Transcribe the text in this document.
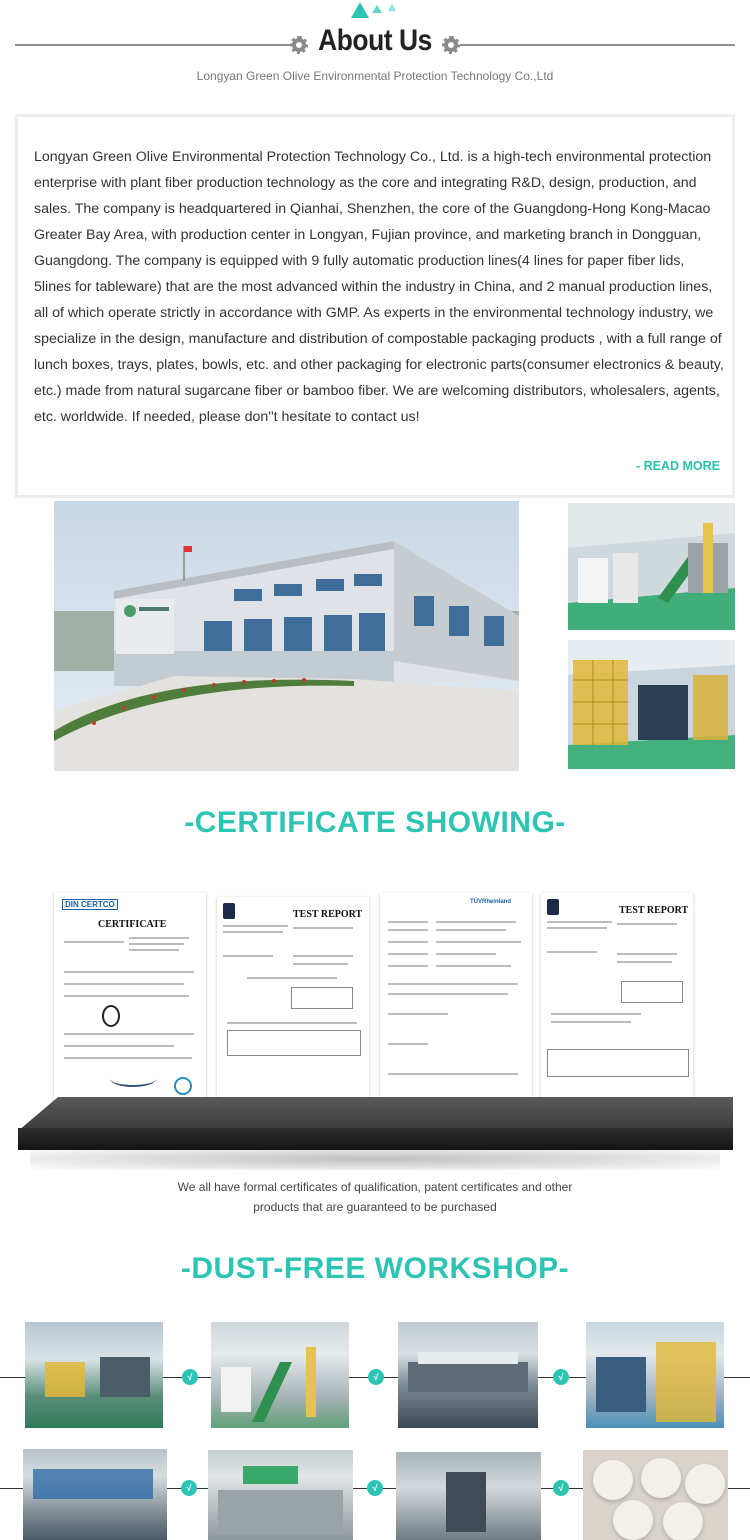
About Us
Longyan Green Olive Environmental Protection Technology Co.,Ltd
Longyan Green Olive Environmental Protection Technology Co., Ltd. is a high-tech environmental protection enterprise with plant fiber production technology as the core and integrating R&D, design, production, and sales. The company is headquartered in Qianhai, Shenzhen, the core of the Guangdong-Hong Kong-Macao Greater Bay Area, with production center in Longyan, Fujian province, and marketing branch in Dongguan, Guangdong. The company is equipped with 9 fully automatic production lines(4 lines for paper fiber lids, 5lines for tableware) that are the most advanced within the industry in China, and 2 manual production lines, all of which operate strictly in accordance with GMP. As experts in the environmental technology industry, we specialize in the design, manufacture and distribution of compostable packaging products , with a full range of lunch boxes, trays, plates, bowls, etc. and other packaging for electronic parts(consumer electronics & beauty, etc.) made from natural sugarcane fiber or bamboo fiber. We are welcoming distributors, wholesalers, agents, etc. worldwide. If needed, please don''t hesitate to contact us!
- READ MORE
-CERTIFICATE SHOWING-
DIN CERTCO
CERTIFICATE
TEST REPORT
TÜVRheinland
TEST REPORT
We all have formal certificates of qualification, patent certificates and other
products that are guaranteed to be purchased
-DUST-FREE WORKSHOP-
√	√	√
√	√	√
